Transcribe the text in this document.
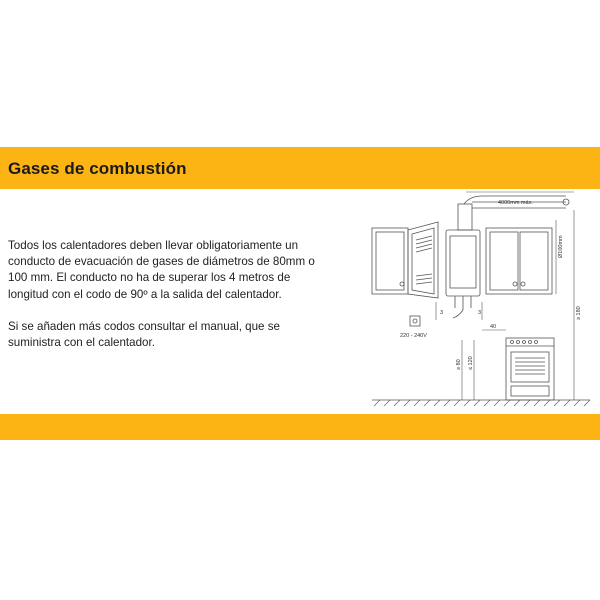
Gases de combustión

Todos los calentadores deben llevar obligatoriamente un conducto de evacuación de gases de diámetros de 80mm o 100 mm. El conducto no ha de superar los 4 metros de longitud con el codo de 90º a la salida del calentador.

Si se añaden más codos consultar el manual, que se suministra con el calentador.

4000mm máx.
Ø100mm
≥ 180
3	3
40
≥ 80 ≤ 120
220 - 240V
